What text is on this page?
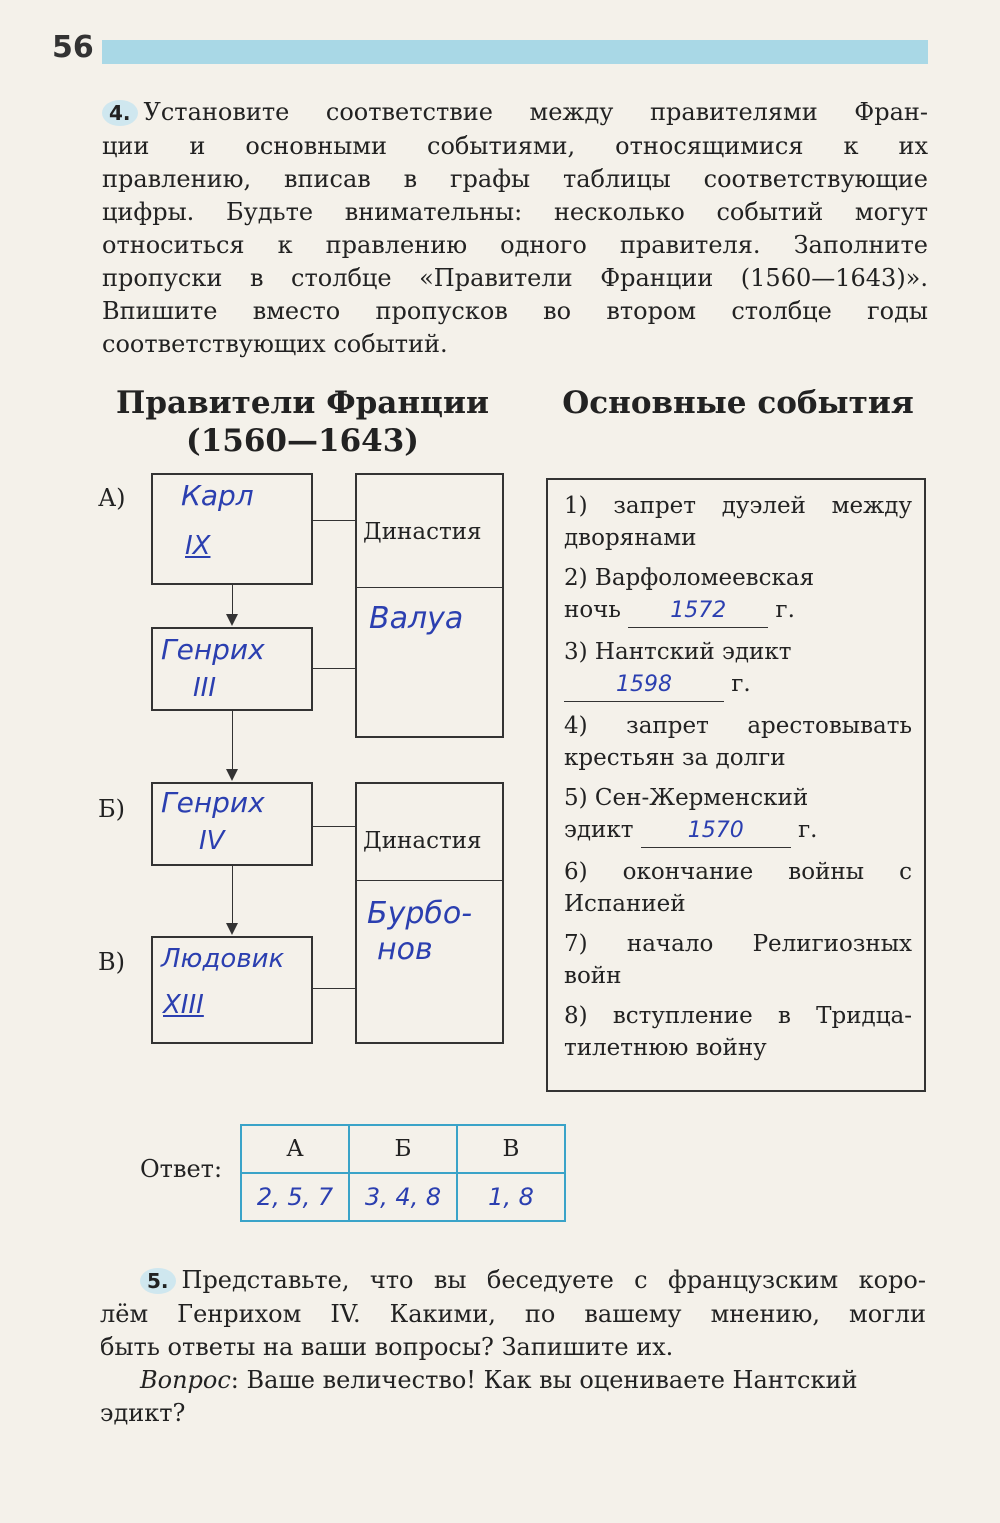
56
4. Установите соответствие между правителями Фран-
ции и основными событиями, относящимися к их
правлению, вписав в графы таблицы соответствующие
цифры. Будьте внимательны: несколько событий могут
относиться к правлению одного правителя. Заполните
пропуски в столбце «Правители Франции (1560—1643)».
Впишите вместо пропусков во втором столбце годы
соответствующих событий.
Правители Франции
(1560—1643)
Основные события
А)
Б)
В)
Карл
IX
Генрих
III
Генрих
IV
Людовик
XIII
Династия
Валуа
Династия
Бурбо-
нов
1) запрет дуэлей между
дворянами
2) Варфоломеевская
ночь 1572 г.
3) Нантский эдикт
1598	г.
4) запрет арестовывать
крестьян за долги
5) Сен-Жерменский
эдикт 1570 г.
6) окончание войны с
Испанией
7) начало Религиозных
войн
8) вступление в Тридца-
тилетнюю войну
Ответ:
А	Б	В
2, 5, 7	3, 4, 8	1, 8
5. Представьте, что вы беседуете с французским коро-
лём Генрихом IV. Какими, по вашему мнению, могли
быть ответы на ваши вопросы? Запишите их.
Вопрос: Ваше величество! Как вы оцениваете Нантский
эдикт?
